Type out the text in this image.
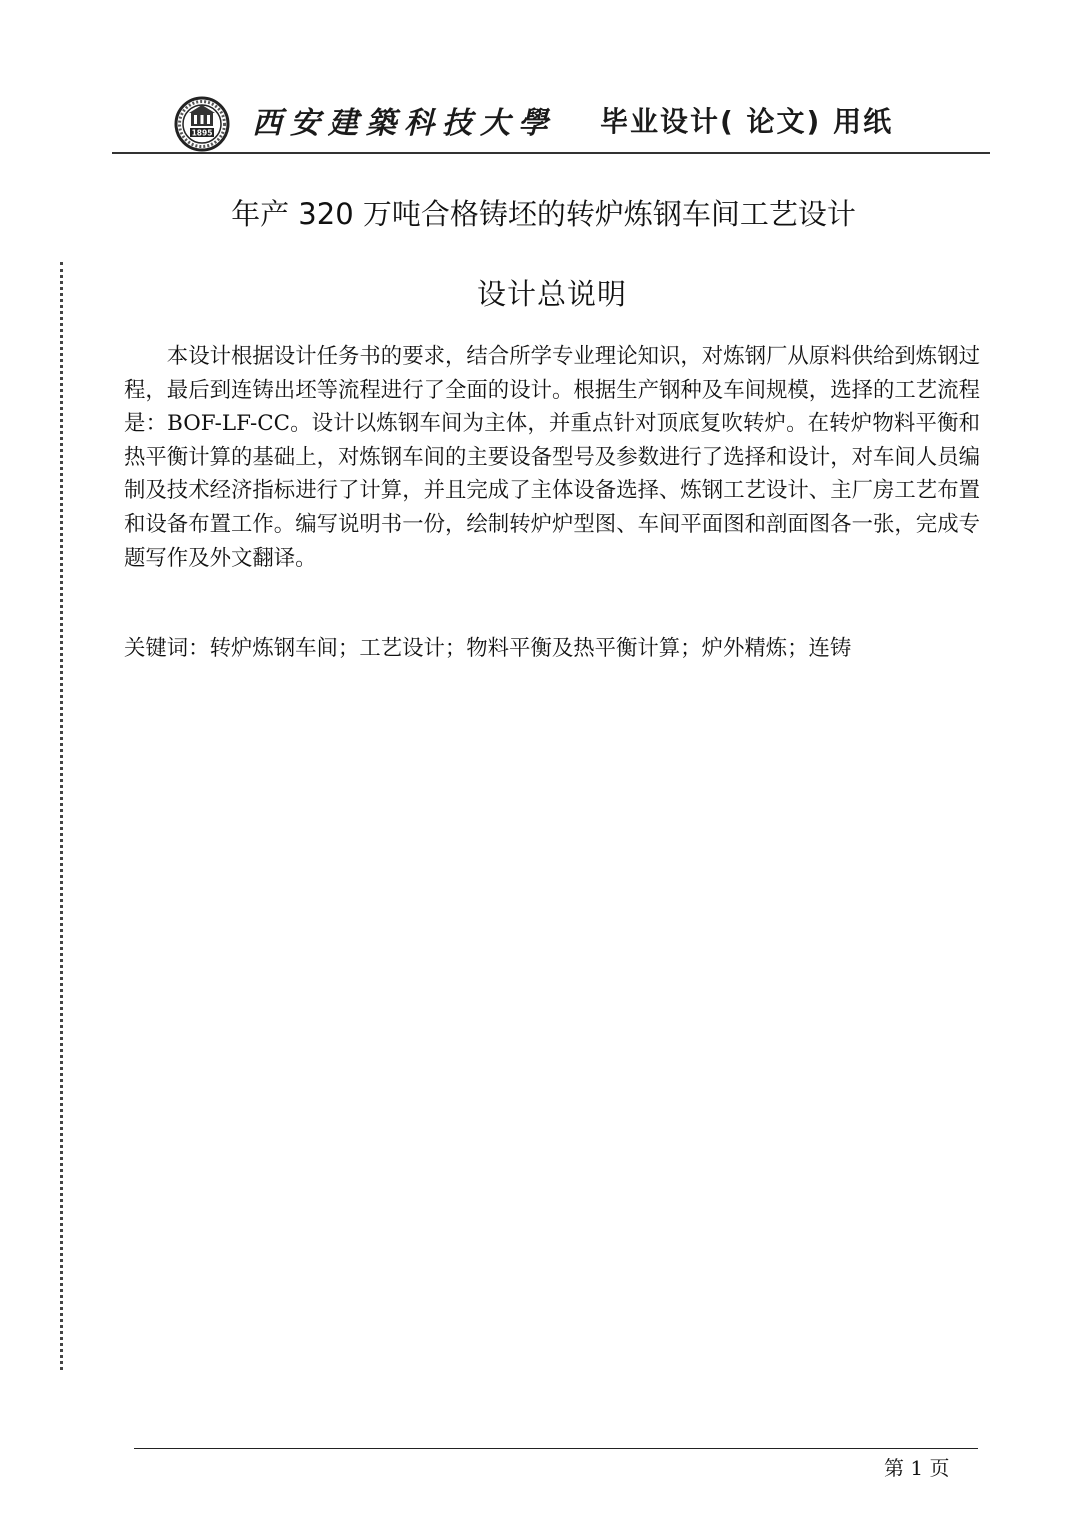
1895 西安建築科技大學 毕业设计( 论文) 用纸
年产 320 万吨合格铸坯的转炉炼钢车间工艺设计
设计总说明

本设计根据设计任务书的要求，结合所学专业理论知识，对炼钢厂从原料供给到炼钢过程，最后到连铸出坯等流程进行了全面的设计。根据生产钢种及车间规模，选择的工艺流程是：BOF-LF-CC。设计以炼钢车间为主体，并重点针对顶底复吹转炉。在转炉物料平衡和热平衡计算的基础上，对炼钢车间的主要设备型号及参数进行了选择和设计，对车间人员编制及技术经济指标进行了计算，并且完成了主体设备选择、炼钢工艺设计、主厂房工艺布置和设备布置工作。编写说明书一份，绘制转炉炉型图、车间平面图和剖面图各一张，完成专题写作及外文翻译。

关键词：转炉炼钢车间；工艺设计；物料平衡及热平衡计算；炉外精炼；连铸
第 1 页
